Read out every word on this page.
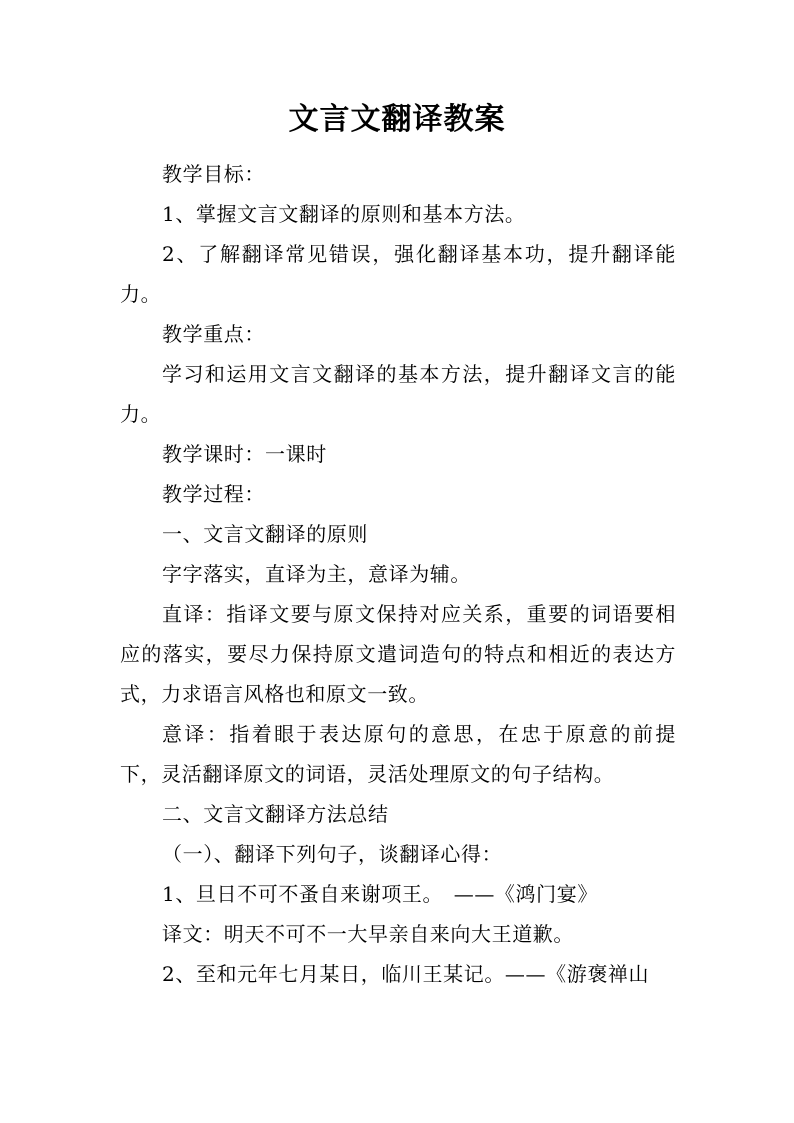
文言文翻译教案

教学目标：

1、掌握文言文翻译的原则和基本方法。

2、了解翻译常见错误，强化翻译基本功，提升翻译能力。

教学重点：

学习和运用文言文翻译的基本方法，提升翻译文言的能力。

教学课时：一课时

教学过程：

一、文言文翻译的原则

字字落实，直译为主，意译为辅。

直译：指译文要与原文保持对应关系，重要的词语要相应的落实，要尽力保持原文遣词造句的特点和相近的表达方式，力求语言风格也和原文一致。

意译：指着眼于表达原句的意思，在忠于原意的前提下，灵活翻译原文的词语，灵活处理原文的句子结构。

二、文言文翻译方法总结

（一）、翻译下列句子，谈翻译心得：

1、旦日不可不蚤自来谢项王。　——《鸿门宴》

译文：明天不可不一大早亲自来向大王道歉。

2、至和元年七月某日，临川王某记。——《游褒禅山
